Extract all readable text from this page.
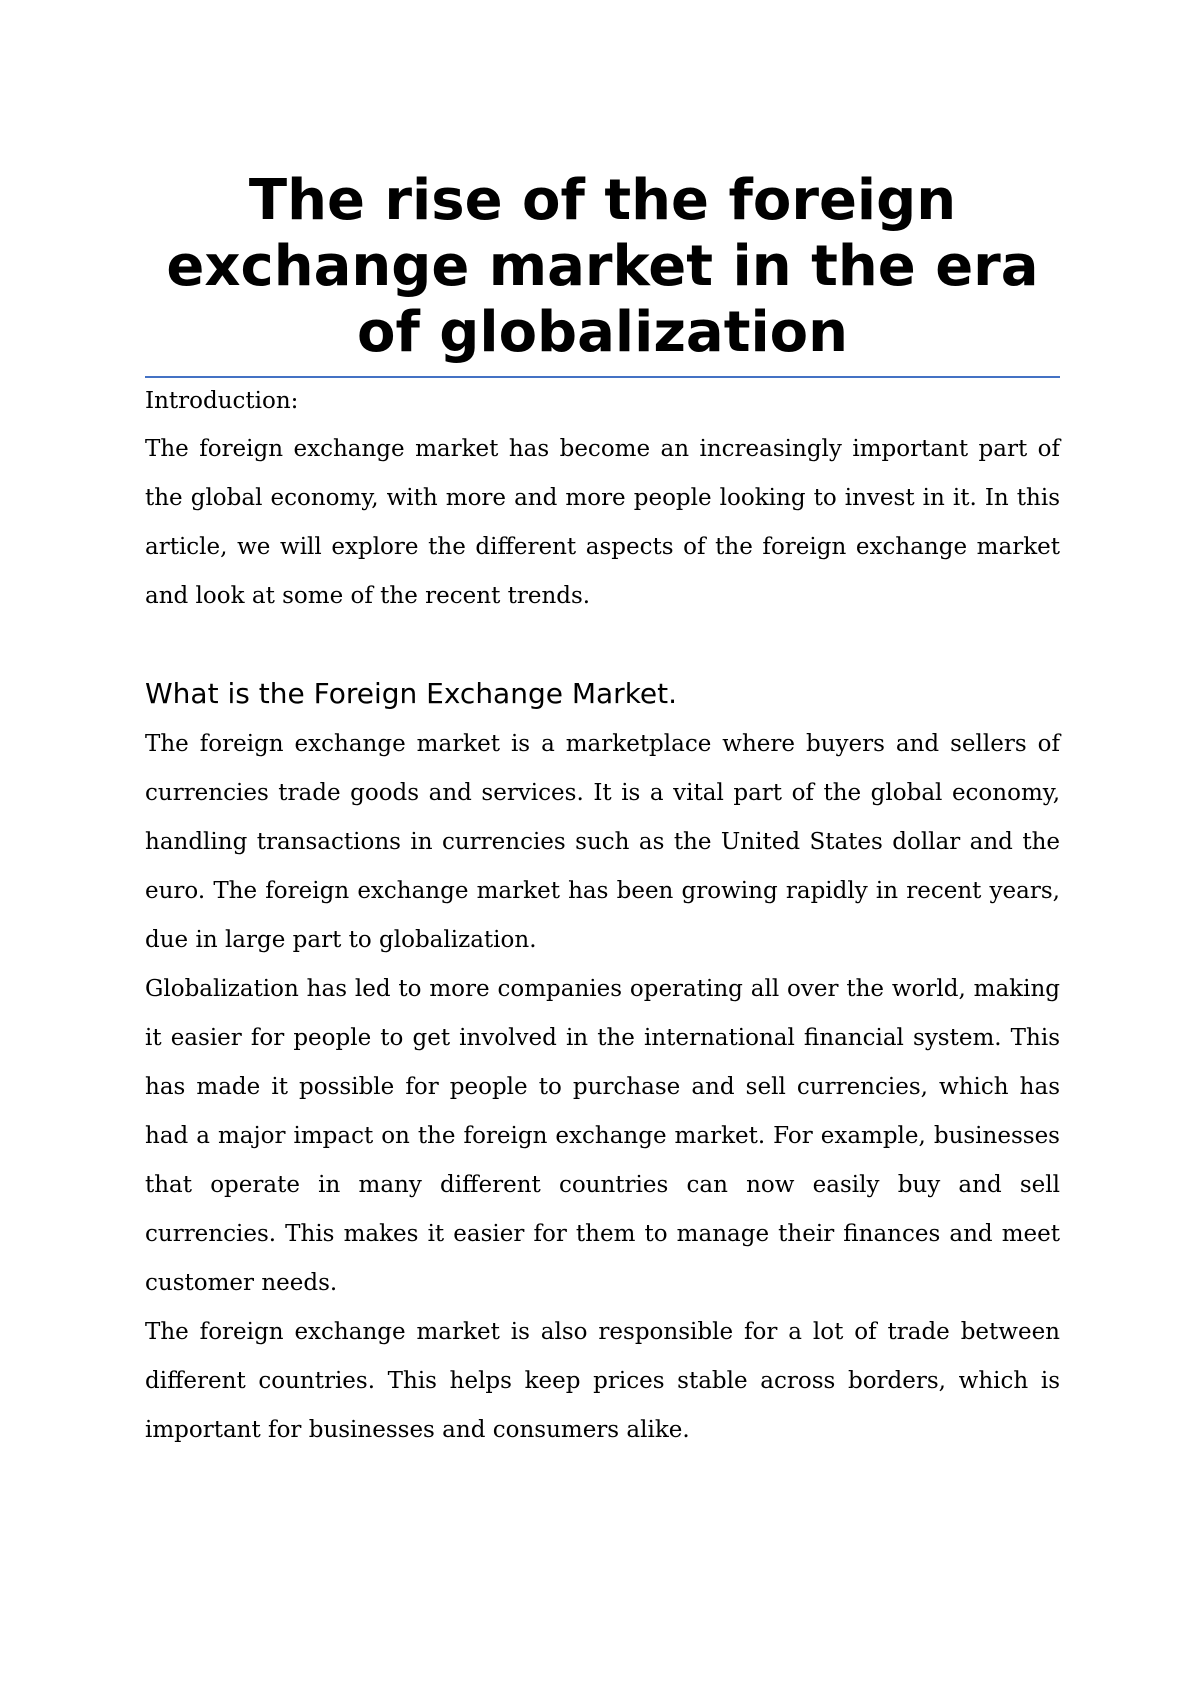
The rise of the foreign exchange market in the era of globalization

Introduction:

The foreign exchange market has become an increasingly important part of the global economy, with more and more people looking to invest in it. In this article, we will explore the different aspects of the foreign exchange market and look at some of the recent trends.

What is the Foreign Exchange Market.

The foreign exchange market is a marketplace where buyers and sellers of currencies trade goods and services. It is a vital part of the global economy, handling transactions in currencies such as the United States dollar and the euro. The foreign exchange market has been growing rapidly in recent years, due in large part to globalization.

Globalization has led to more companies operating all over the world, making it easier for people to get involved in the international financial system. This has made it possible for people to purchase and sell currencies, which has had a major impact on the foreign exchange market. For example, businesses that operate in many different countries can now easily buy and sell currencies. This makes it easier for them to manage their finances and meet customer needs.

The foreign exchange market is also responsible for a lot of trade between different countries. This helps keep prices stable across borders, which is important for businesses and consumers alike.
